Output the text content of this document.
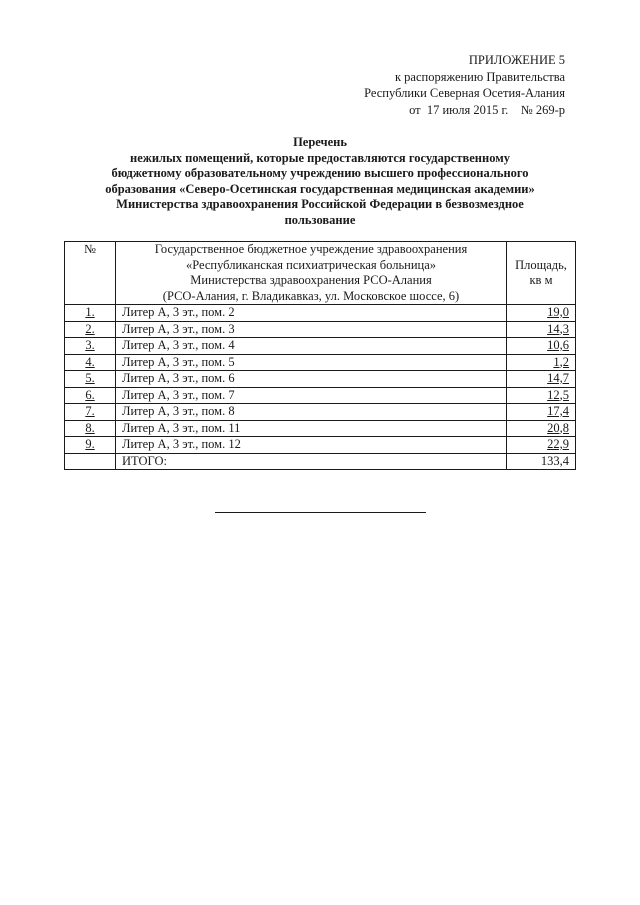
ПРИЛОЖЕНИЕ 5
к распоряжению Правительства
Республики Северная Осетия-Алания
от  17 июля 2015 г.    № 269-р
Перечень
нежилых помещений, которые предоставляются государственному
бюджетному образовательному учреждению высшего профессионального
образования «Северо-Осетинская государственная медицинская академии»
Министерства здравоохранения Российской Федерации в безвозмездное
пользование
№	Государственное бюджетное учреждение здравоохранения
«Республиканская психиатрическая больница»
Министерства здравоохранения РСО-Алания
(РСО-Алания, г. Владикавказ, ул. Московское шоссе, 6)	Площадь,
кв м

1.	Литер А, 3 эт., пом. 2	19,0
2.	Литер А, 3 эт., пом. 3	14,3
3.	Литер А, 3 эт., пом. 4	10,6
4.	Литер А, 3 эт., пом. 5	1,2
5.	Литер А, 3 эт., пом. 6	14,7
6.	Литер А, 3 эт., пом. 7	12,5
7.	Литер А, 3 эт., пом. 8	17,4
8.	Литер А, 3 эт., пом. 11	20,8
9.	Литер А, 3 эт., пом. 12	22,9
	ИТОГО:	133,4
